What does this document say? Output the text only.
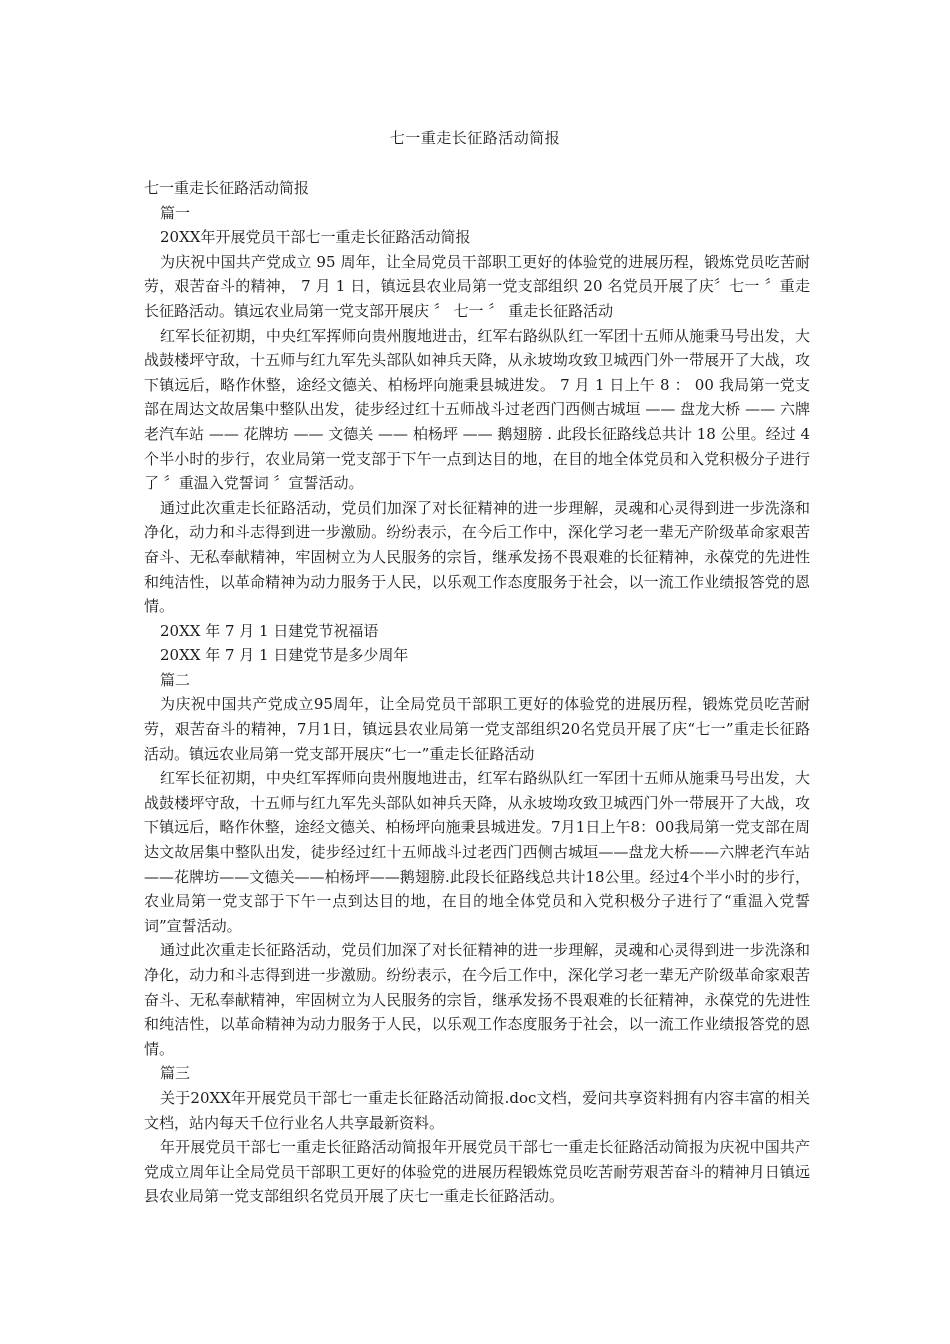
七一重走长征路活动简报

七一重走长征路活动简报

篇一

20XX年开展党员干部七一重走长征路活动简报

为庆祝中国共产党成立 95 周年，让全局党员干部职工更好的体验党的进展历程，锻炼党员吃苦耐劳，艰苦奋斗的精神， 7 月 1 日，镇远县农业局第一党支部组织 20 名党员开展了庆〞七一 〞重走长征路活动。镇远农业局第一党支部开展庆 〞 七一 〞 重走长征路活动

红军长征初期，中央红军挥师向贵州腹地进击，红军右路纵队红一军团十五师从施秉马号出发，大战鼓楼坪守敌，十五师与红九军先头部队如神兵天降，从永坡坳攻致卫城西门外一带展开了大战，攻下镇远后，略作休整，途经文德关、柏杨坪向施秉县城进发。 7 月 1 日上午 8 ： 00 我局第一党支部在周达文故居集中整队出发，徒步经过红十五师战斗过老西门西侧古城垣 —— 盘龙大桥 —— 六牌老汽车站 —— 花牌坊 —— 文德关 —— 柏杨坪 —— 鹅翅膀 . 此段长征路线总共计 18 公里。经过 4 个半小时的步行，农业局第一党支部于下午一点到达目的地，在目的地全体党员和入党积极分子进行了 〞重温入党誓词 〞宣誓活动。

通过此次重走长征路活动，党员们加深了对长征精神的进一步理解，灵魂和心灵得到进一步洗涤和净化，动力和斗志得到进一步激励。纷纷表示，在今后工作中，深化学习老一辈无产阶级革命家艰苦奋斗、无私奉献精神，牢固树立为人民服务的宗旨，继承发扬不畏艰难的长征精神，永葆党的先进性和纯洁性，以革命精神为动力服务于人民，以乐观工作态度服务于社会，以一流工作业绩报答党的恩情。

20XX 年 7 月 1 日建党节祝福语

20XX 年 7 月 1 日建党节是多少周年

篇二

为庆祝中国共产党成立95周年，让全局党员干部职工更好的体验党的进展历程，锻炼党员吃苦耐劳，艰苦奋斗的精神，7月1日，镇远县农业局第一党支部组织20名党员开展了庆“七一”重走长征路活动。镇远农业局第一党支部开展庆“七一”重走长征路活动

红军长征初期，中央红军挥师向贵州腹地进击，红军右路纵队红一军团十五师从施秉马号出发，大战鼓楼坪守敌，十五师与红九军先头部队如神兵天降，从永坡坳攻致卫城西门外一带展开了大战，攻下镇远后，略作休整，途经文德关、柏杨坪向施秉县城进发。7月1日上午8：00我局第一党支部在周达文故居集中整队出发，徒步经过红十五师战斗过老西门西侧古城垣——盘龙大桥——六牌老汽车站——花牌坊——文德关——柏杨坪——鹅翅膀.此段长征路线总共计18公里。经过4个半小时的步行，农业局第一党支部于下午一点到达目的地，在目的地全体党员和入党积极分子进行了“重温入党誓词”宣誓活动。

通过此次重走长征路活动，党员们加深了对长征精神的进一步理解，灵魂和心灵得到进一步洗涤和净化，动力和斗志得到进一步激励。纷纷表示，在今后工作中，深化学习老一辈无产阶级革命家艰苦奋斗、无私奉献精神，牢固树立为人民服务的宗旨，继承发扬不畏艰难的长征精神，永葆党的先进性和纯洁性，以革命精神为动力服务于人民，以乐观工作态度服务于社会，以一流工作业绩报答党的恩情。

篇三

关于20XX年开展党员干部七一重走长征路活动简报.doc文档，爱问共享资料拥有内容丰富的相关文档，站内每天千位行业名人共享最新资料。

年开展党员干部七一重走长征路活动简报年开展党员干部七一重走长征路活动简报为庆祝中国共产党成立周年让全局党员干部职工更好的体验党的进展历程锻炼党员吃苦耐劳艰苦奋斗的精神月日镇远县农业局第一党支部组织名党员开展了庆七一重走长征路活动。
